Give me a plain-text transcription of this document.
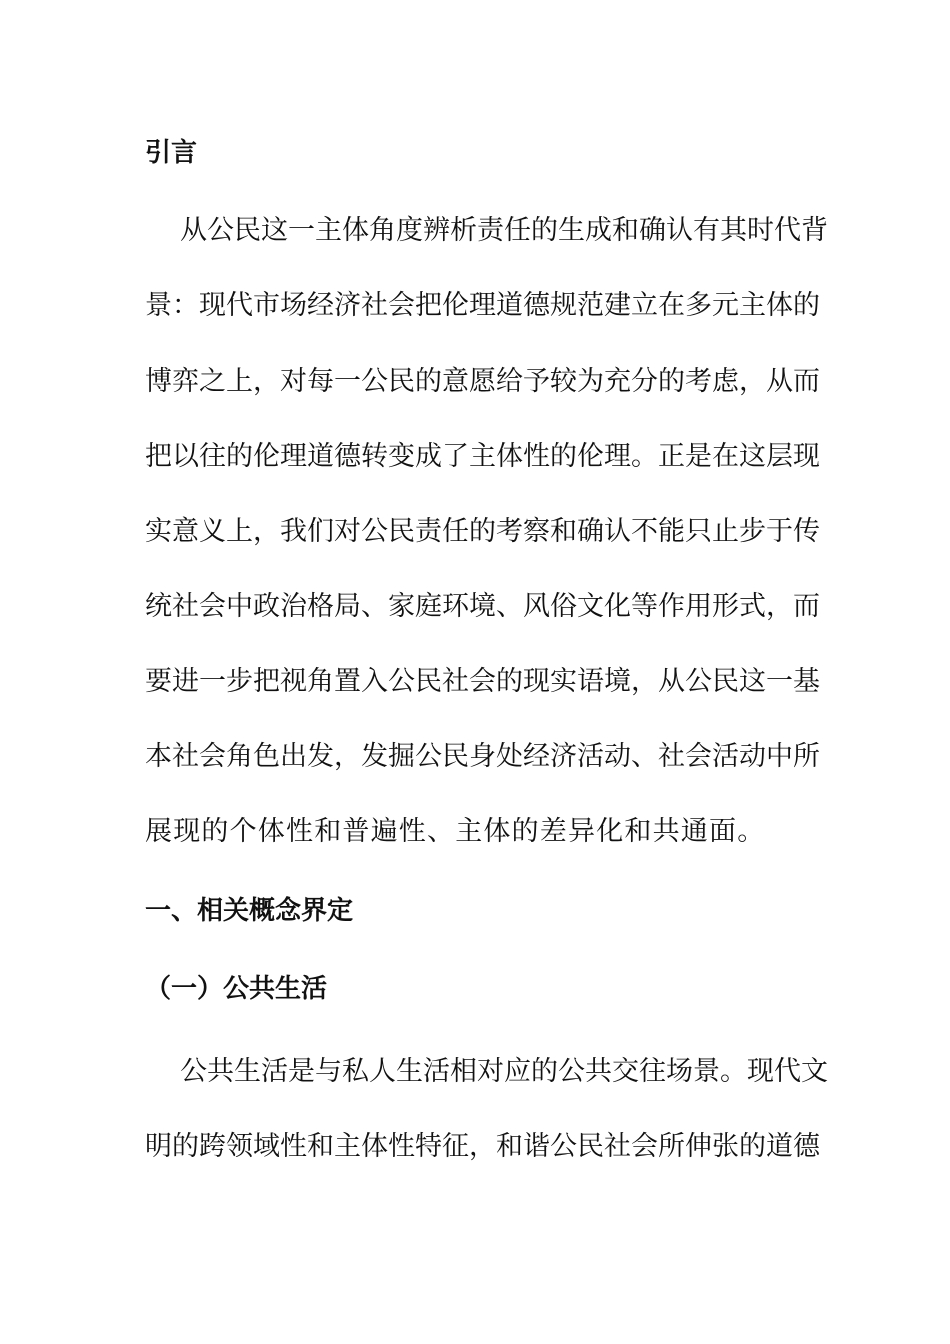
引言
从公民这一主体角度辨析责任的生成和确认有其时代背
景：现代市场经济社会把伦理道德规范建立在多元主体的
博弈之上，对每一公民的意愿给予较为充分的考虑，从而
把以往的伦理道德转变成了主体性的伦理。正是在这层现
实意义上，我们对公民责任的考察和确认不能只止步于传
统社会中政治格局、家庭环境、风俗文化等作用形式，而
要进一步把视角置入公民社会的现实语境，从公民这一基
本社会角色出发，发掘公民身处经济活动、社会活动中所
展现的个体性和普遍性、主体的差异化和共通面。
一、相关概念界定
（一）公共生活
公共生活是与私人生活相对应的公共交往场景。现代文
明的跨领域性和主体性特征，和谐公民社会所伸张的道德
